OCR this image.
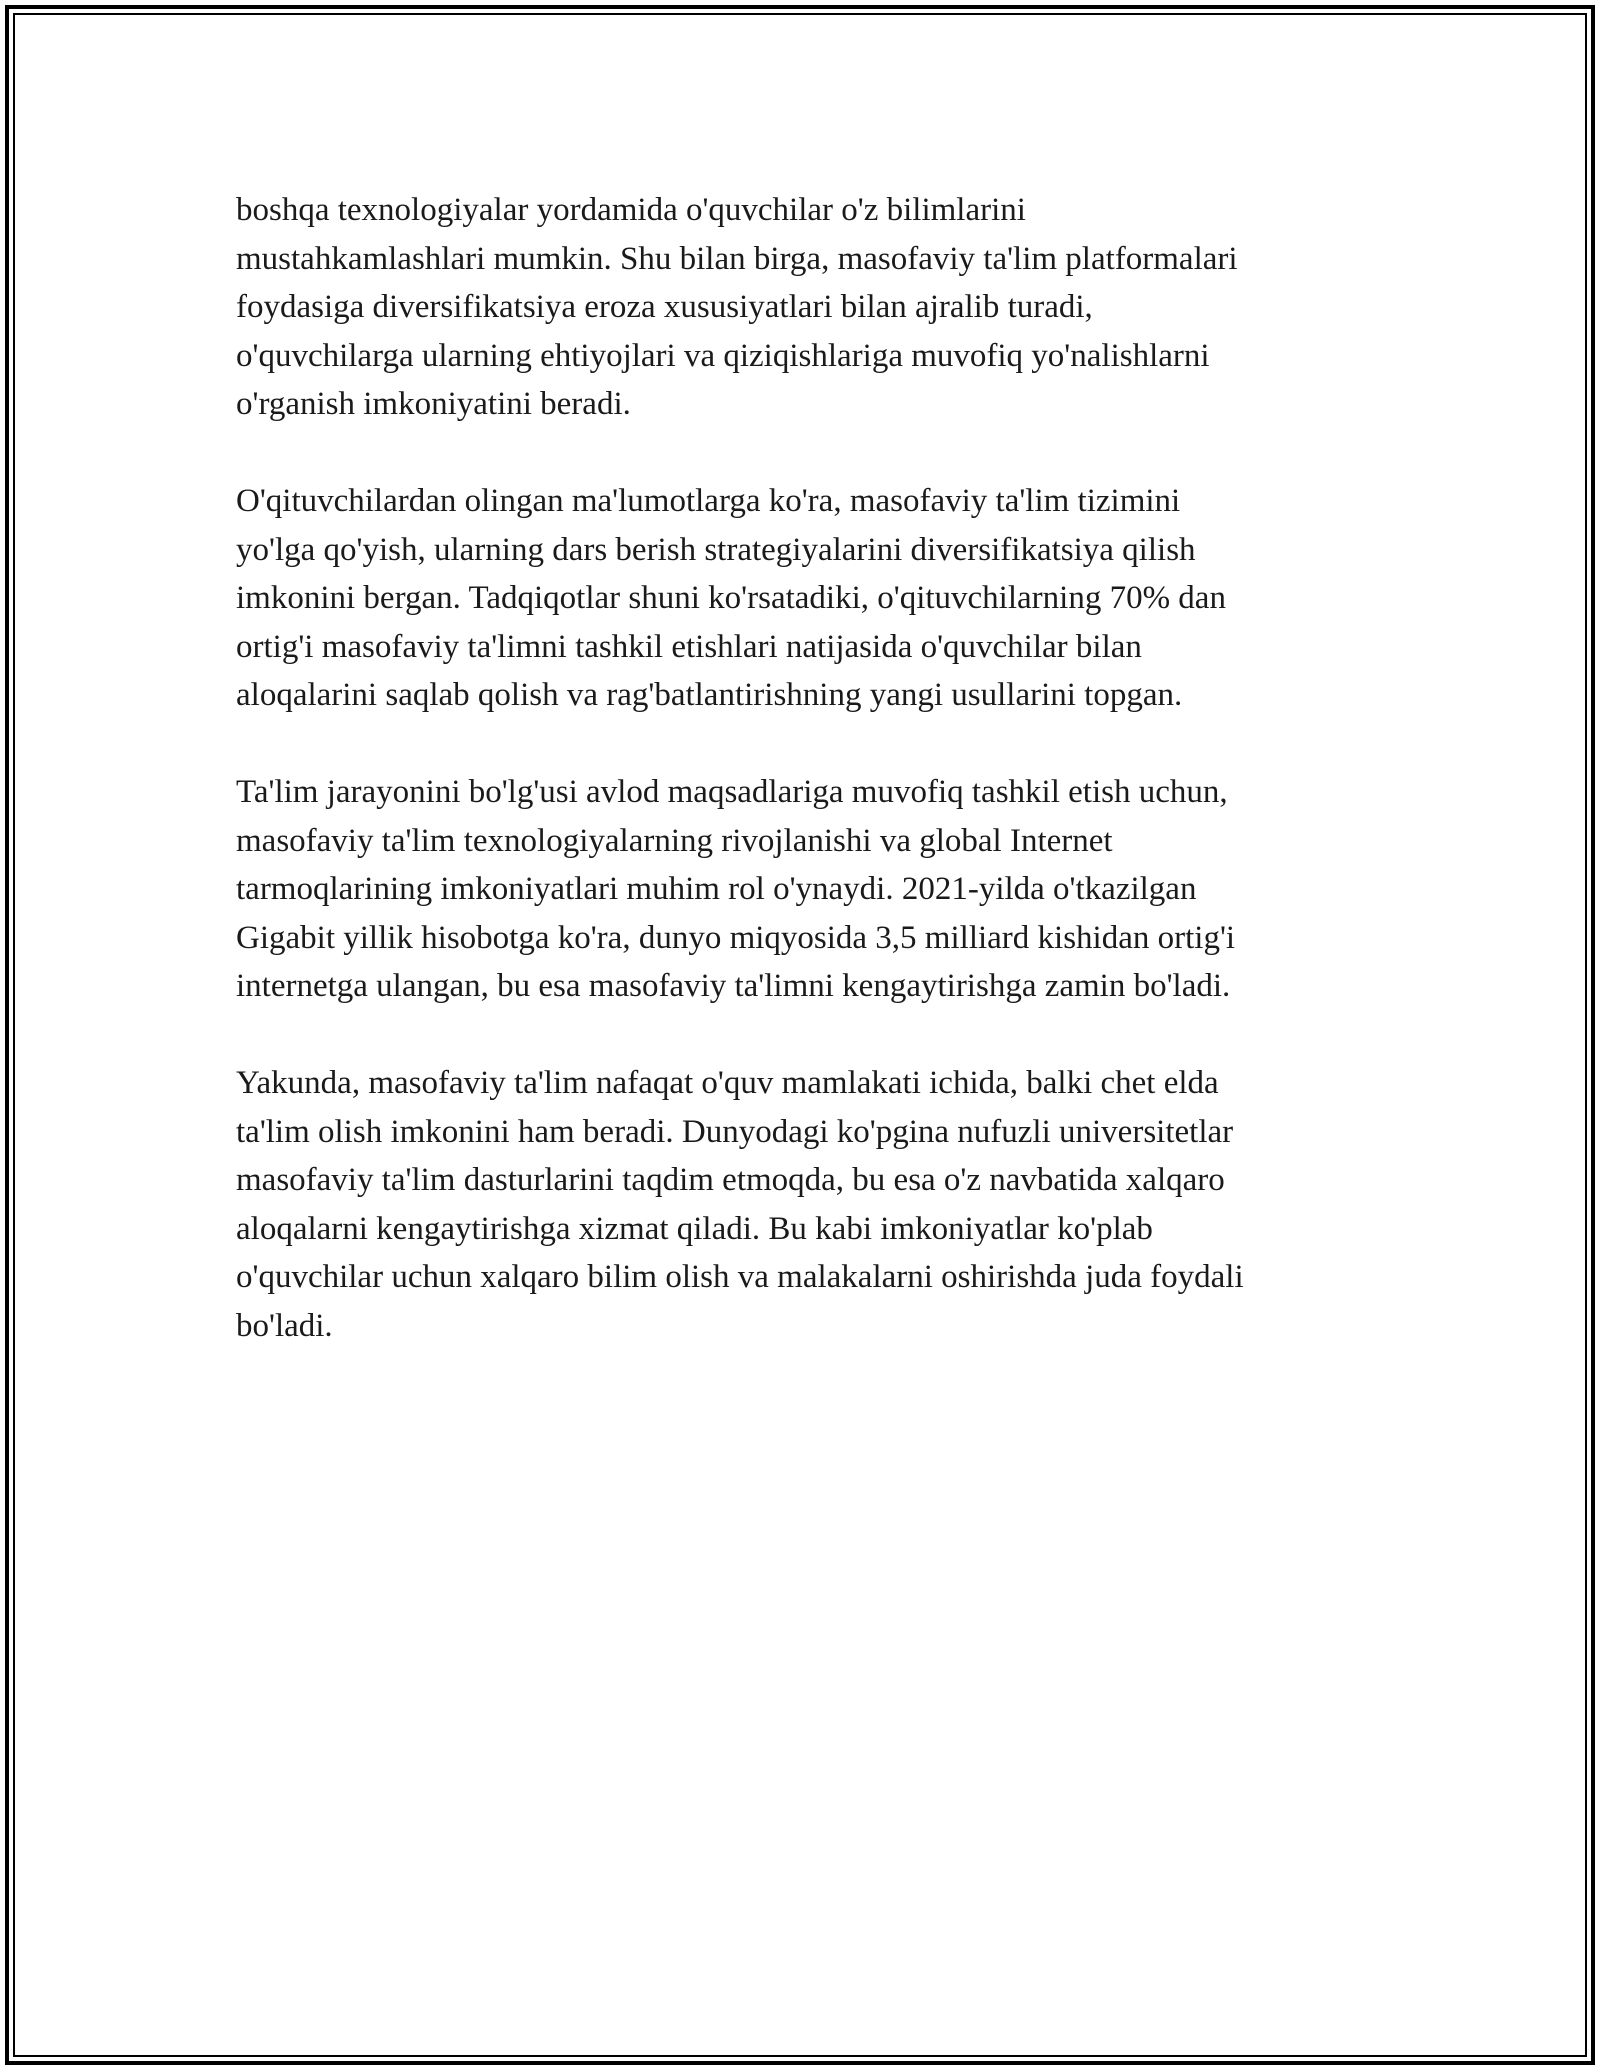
boshqa texnologiyalar yordamida o'quvchilar o'z bilimlarini
mustahkamlashlari mumkin. Shu bilan birga, masofaviy ta'lim platformalari
foydasiga diversifikatsiya eroza xususiyatlari bilan ajralib turadi,
o'quvchilarga ularning ehtiyojlari va qiziqishlariga muvofiq yo'nalishlarni
o'rganish imkoniyatini beradi.

O'qituvchilardan olingan ma'lumotlarga ko'ra, masofaviy ta'lim tizimini
yo'lga qo'yish, ularning dars berish strategiyalarini diversifikatsiya qilish
imkonini bergan. Tadqiqotlar shuni ko'rsatadiki, o'qituvchilarning 70% dan
ortig'i masofaviy ta'limni tashkil etishlari natijasida o'quvchilar bilan
aloqalarini saqlab qolish va rag'batlantirishning yangi usullarini topgan.

Ta'lim jarayonini bo'lg'usi avlod maqsadlariga muvofiq tashkil etish uchun,
masofaviy ta'lim texnologiyalarning rivojlanishi va global Internet
tarmoqlarining imkoniyatlari muhim rol o'ynaydi. 2021-yilda o'tkazilgan
Gigabit yillik hisobotga ko'ra, dunyo miqyosida 3,5 milliard kishidan ortig'i
internetga ulangan, bu esa masofaviy ta'limni kengaytirishga zamin bo'ladi.

Yakunda, masofaviy ta'lim nafaqat o'quv mamlakati ichida, balki chet elda
ta'lim olish imkonini ham beradi. Dunyodagi ko'pgina nufuzli universitetlar
masofaviy ta'lim dasturlarini taqdim etmoqda, bu esa o'z navbatida xalqaro
aloqalarni kengaytirishga xizmat qiladi. Bu kabi imkoniyatlar ko'plab
o'quvchilar uchun xalqaro bilim olish va malakalarni oshirishda juda foydali
bo'ladi.
